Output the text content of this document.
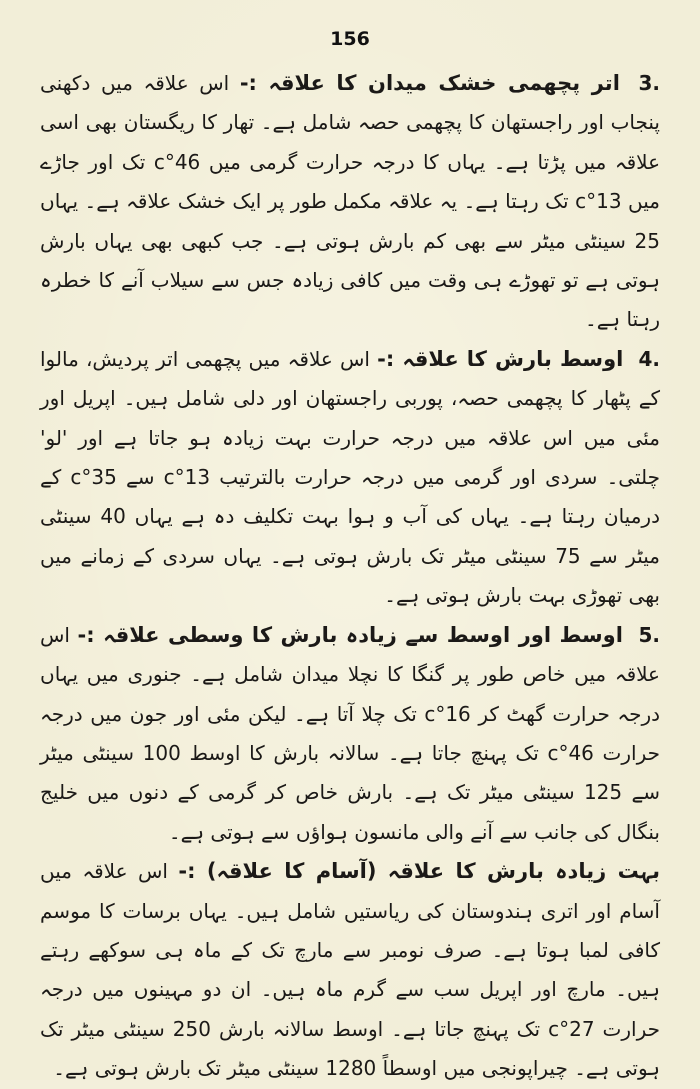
156

3. اتر پچھمی خشک میدان کا علاقہ :- اس علاقہ میں دکھنی پنجاب اور راجستھان کا پچھمی حصہ شامل ہے۔ تھار کا ریگستان بھی اسی علاقہ میں پڑتا ہے۔ یہاں کا درجہ حرارت گرمی میں 46°c تک اور جاڑے میں 13°c تک رہتا ہے۔ یہ علاقہ مکمل طور پر ایک خشک علاقہ ہے۔ یہاں 25 سینٹی میٹر سے بھی کم بارش ہوتی ہے۔ جب کبھی بھی یہاں بارش ہوتی ہے تو تھوڑے ہی وقت میں کافی زیادہ جس سے سیلاب آنے کا خطرہ رہتا ہے۔

4. اوسط بارش کا علاقہ :- اس علاقہ میں پچھمی اتر پردیش، مالوا کے پٹھار کا پچھمی حصہ، پوربی راجستھان اور دلی شامل ہیں۔ اپریل اور مئی میں اس علاقہ میں درجہ حرارت بہت زیادہ ہو جاتا ہے اور 'لو' چلتی۔ سردی اور گرمی میں درجہ حرارت بالترتیب 13°c سے 35°c کے درمیان رہتا ہے۔ یہاں کی آب و ہوا بہت تکلیف دہ ہے یہاں 40 سینٹی میٹر سے 75 سینٹی میٹر تک بارش ہوتی ہے۔ یہاں سردی کے زمانے میں بھی تھوڑی بہت بارش ہوتی ہے۔

5. اوسط اور اوسط سے زیادہ بارش کا وسطی علاقہ :- اس علاقہ میں خاص طور پر گنگا کا نچلا میدان شامل ہے۔ جنوری میں یہاں درجہ حرارت گھٹ کر 16°c تک چلا آتا ہے۔ لیکن مئی اور جون میں درجہ حرارت 46°c تک پہنچ جاتا ہے۔ سالانہ بارش کا اوسط 100 سینٹی میٹر سے 125 سینٹی میٹر تک ہے۔ بارش خاص کر گرمی کے دنوں میں خلیج بنگال کی جانب سے آنے والی مانسون ہواؤں سے ہوتی ہے۔

بہت زیادہ بارش کا علاقہ (آسام کا علاقہ) :- اس علاقہ میں آسام اور اتری ہندوستان کی ریاستیں شامل ہیں۔ یہاں برسات کا موسم کافی لمبا ہوتا ہے۔ صرف نومبر سے مارچ تک کے ماہ ہی سوکھے رہتے ہیں۔ مارچ اور اپریل سب سے گرم ماہ ہیں۔ ان دو مہینوں میں درجہ حرارت 27°c تک پہنچ جاتا ہے۔ اوسط سالانہ بارش 250 سینٹی میٹر تک ہوتی ہے۔ چیراپونجی میں اوسطاً 1280 سینٹی میٹر تک بارش ہوتی ہے۔
